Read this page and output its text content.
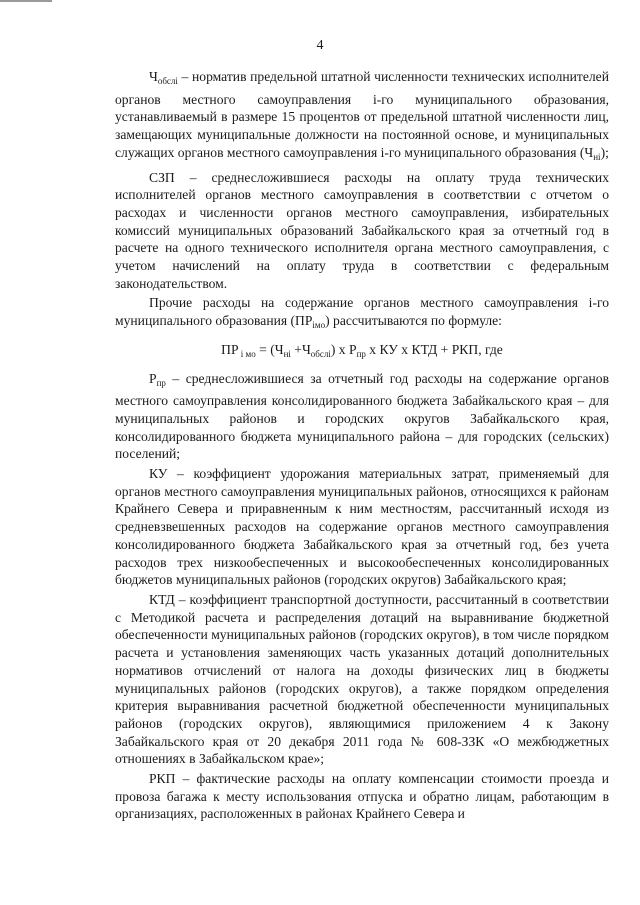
4

$Ч_{обслi}$ – норматив предельной штатной численности технических исполнителей органов местного самоуправления i-го муниципального образования, устанавливаемый в размере 15 процентов от предельной штатной численности лиц, замещающих муниципальные должности на постоянной основе, и муниципальных служащих органов местного самоуправления i-го муниципального образования $(Ч_{нi})$;

СЗП – среднесложившиеся расходы на оплату труда технических исполнителей органов местного самоуправления в соответствии с отчетом о расходах и численности органов местного самоуправления, избирательных комиссий муниципальных образований Забайкальского края за отчетный год в расчете на одного технического исполнителя органа местного самоуправления, с учетом начислений на оплату труда в соответствии с федеральным законодательством.

Прочие расходы на содержание органов местного самоуправления i-го муниципального образования $(ПР_{iмо})$ рассчитываются по формуле:

ПР $_{i мо} = (Ч_{нi} +Ч_{обслi})$ х $Р_{пр}$ х КУ х КТД + РКП, где

$Р_{пр}$ – среднесложившиеся за отчетный год расходы на содержание органов местного самоуправления консолидированного бюджета Забайкальского края – для муниципальных районов и городских округов Забайкальского края, консолидированного бюджета муниципального района – для городских (сельских) поселений;

КУ – коэффициент удорожания материальных затрат, применяемый для органов местного самоуправления муниципальных районов, относящихся к районам Крайнего Севера и приравненным к ним местностям, рассчитанный исходя из средневзвешенных расходов на содержание органов местного самоуправления консолидированного бюджета Забайкальского края за отчетный год, без учета расходов трех низкообеспеченных и высокообеспеченных консолидированных бюджетов муниципальных районов (городских округов) Забайкальского края;

КТД – коэффициент транспортной доступности, рассчитанный в соответствии с Методикой расчета и распределения дотаций на выравнивание бюджетной обеспеченности муниципальных районов (городских округов), в том числе порядком расчета и установления заменяющих часть указанных дотаций дополнительных нормативов отчислений от налога на доходы физических лиц в бюджеты муниципальных районов (городских округов), а также порядком определения критерия выравнивания расчетной бюджетной обеспеченности муниципальных районов (городских округов), являющимися приложением 4 к Закону Забайкальского края от 20 декабря 2011 года № 608-ЗЗК «О межбюджетных отношениях в Забайкальском крае»;

РКП – фактические расходы на оплату компенсации стоимости проезда и провоза багажа к месту использования отпуска и обратно лицам, работающим в организациях, расположенных в районах Крайнего Севера и
